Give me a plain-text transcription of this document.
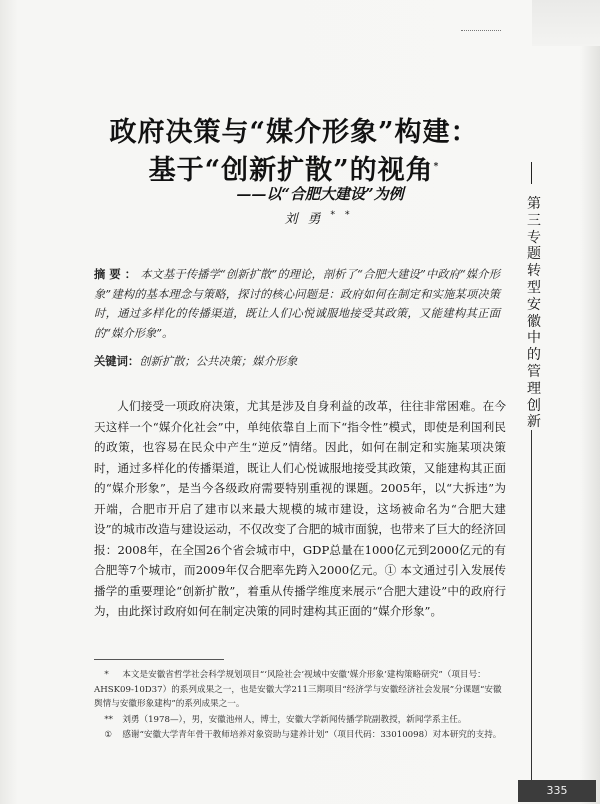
政府决策与“媒介形象”构建：
基于“创新扩散”的视角*
——以“合肥大建设”为例
刘勇**
摘要：本文基于传播学“创新扩散”的理论，剖析了“合肥大建设”中政府“媒介形象”建构的基本理念与策略，探讨的核心问题是：政府如何在制定和实施某项决策时，通过多样化的传播渠道，既让人们心悦诚服地接受其政策，又能建构其正面的“媒介形象”。
关键词：创新扩散；公共决策；媒介形象
人们接受一项政府决策，尤其是涉及自身利益的改革，往往非常困难。在今天这样一个“媒介化社会”中，单纯依靠自上而下“指令性”模式，即使是利国利民的政策，也容易在民众中产生“逆反”情绪。因此，如何在制定和实施某项决策时，通过多样化的传播渠道，既让人们心悦诚服地接受其政策，又能建构其正面的“媒介形象”，是当今各级政府需要特别重视的课题。2005年，以“大拆违”为开端，合肥市开启了建市以来最大规模的城市建设，这场被命名为“合肥大建设”的城市改造与建设运动，不仅改变了合肥的城市面貌，也带来了巨大的经济回报：2008年，在全国26个省会城市中，GDP总量在1000亿元到2000亿元的有合肥等7个城市，而2009年仅合肥率先跨入2000亿元。① 本文通过引入发展传播学的重要理论“创新扩散”，着重从传播学维度来展示“合肥大建设”中的政府行为，由此探讨政府如何在制定决策的同时建构其正面的“媒介形象”。

* 本文是安徽省哲学社会科学规划项目“‘风险社会’视域中安徽‘媒介形象’建构策略研究”（项目号：AHSK09-10D37）的系列成果之一，也是安徽大学211三期项目“经济学与安徽经济社会发展”分课题“安徽舆情与安徽形象建构”的系列成果之一。

** 刘勇（1978—），男，安徽池州人，博士，安徽大学新闻传播学院副教授，新闻学系主任。

① 感谢“安徽大学青年骨干教师培养对象资助与建养计划”（项目代码：33010098）对本研究的支持。

第三专题 转型安徽中的管理创新
335
